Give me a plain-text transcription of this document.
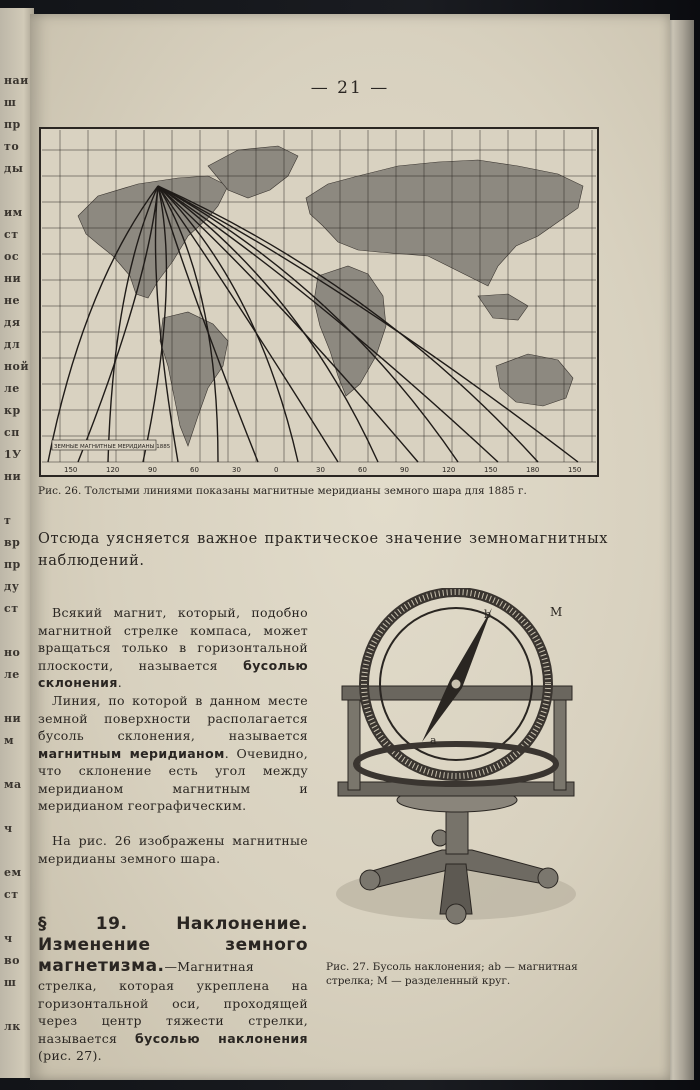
наи
ш
пр
то
ды
им
ст
ос
ни
не
дя
дл
ной
ле
кр
сп
1У
ни
т
вр
пр
ду
ст
но
ле
ни
м
ма
ч
ем
ст
ч
во
ш
лк
— 21 —
ЗЕМНЫЕ МАГНИТНЫЕ МЕРИДИАНЫ 1885
150	120	90	60	30	0	30	60	90	120	150	180	150
Рис. 26. Толстыми линиями показаны магнитные меридианы земного шара для 1885 г.
Отсюда уясняется важное практическое значение земномагнитных наблюдений.
Всякий магнит, который, подобно магнитной стрелке компаса, может вращаться только в горизонтальной плоскости, называется бусолью склонения.
Линия, по которой в данном месте земной поверхности располагается бусоль склонения, называется магнитным меридианом. Очевидно, что склонение есть угол между меридианом магнитным и меридианом географическим.
На рис. 26 изображены магнитные меридианы земного шара.
§ 19. Наклонение. Изменение земного магнетизма.—Магнитная стрелка, которая укреплена на горизонтальной оси, проходящей через центр тяжести стрелки, называется бусолью наклонения (рис. 27).
b
a
M
Рис. 27. Бусоль наклонения; ab — магнитная стрелка; M — разделенный круг.
